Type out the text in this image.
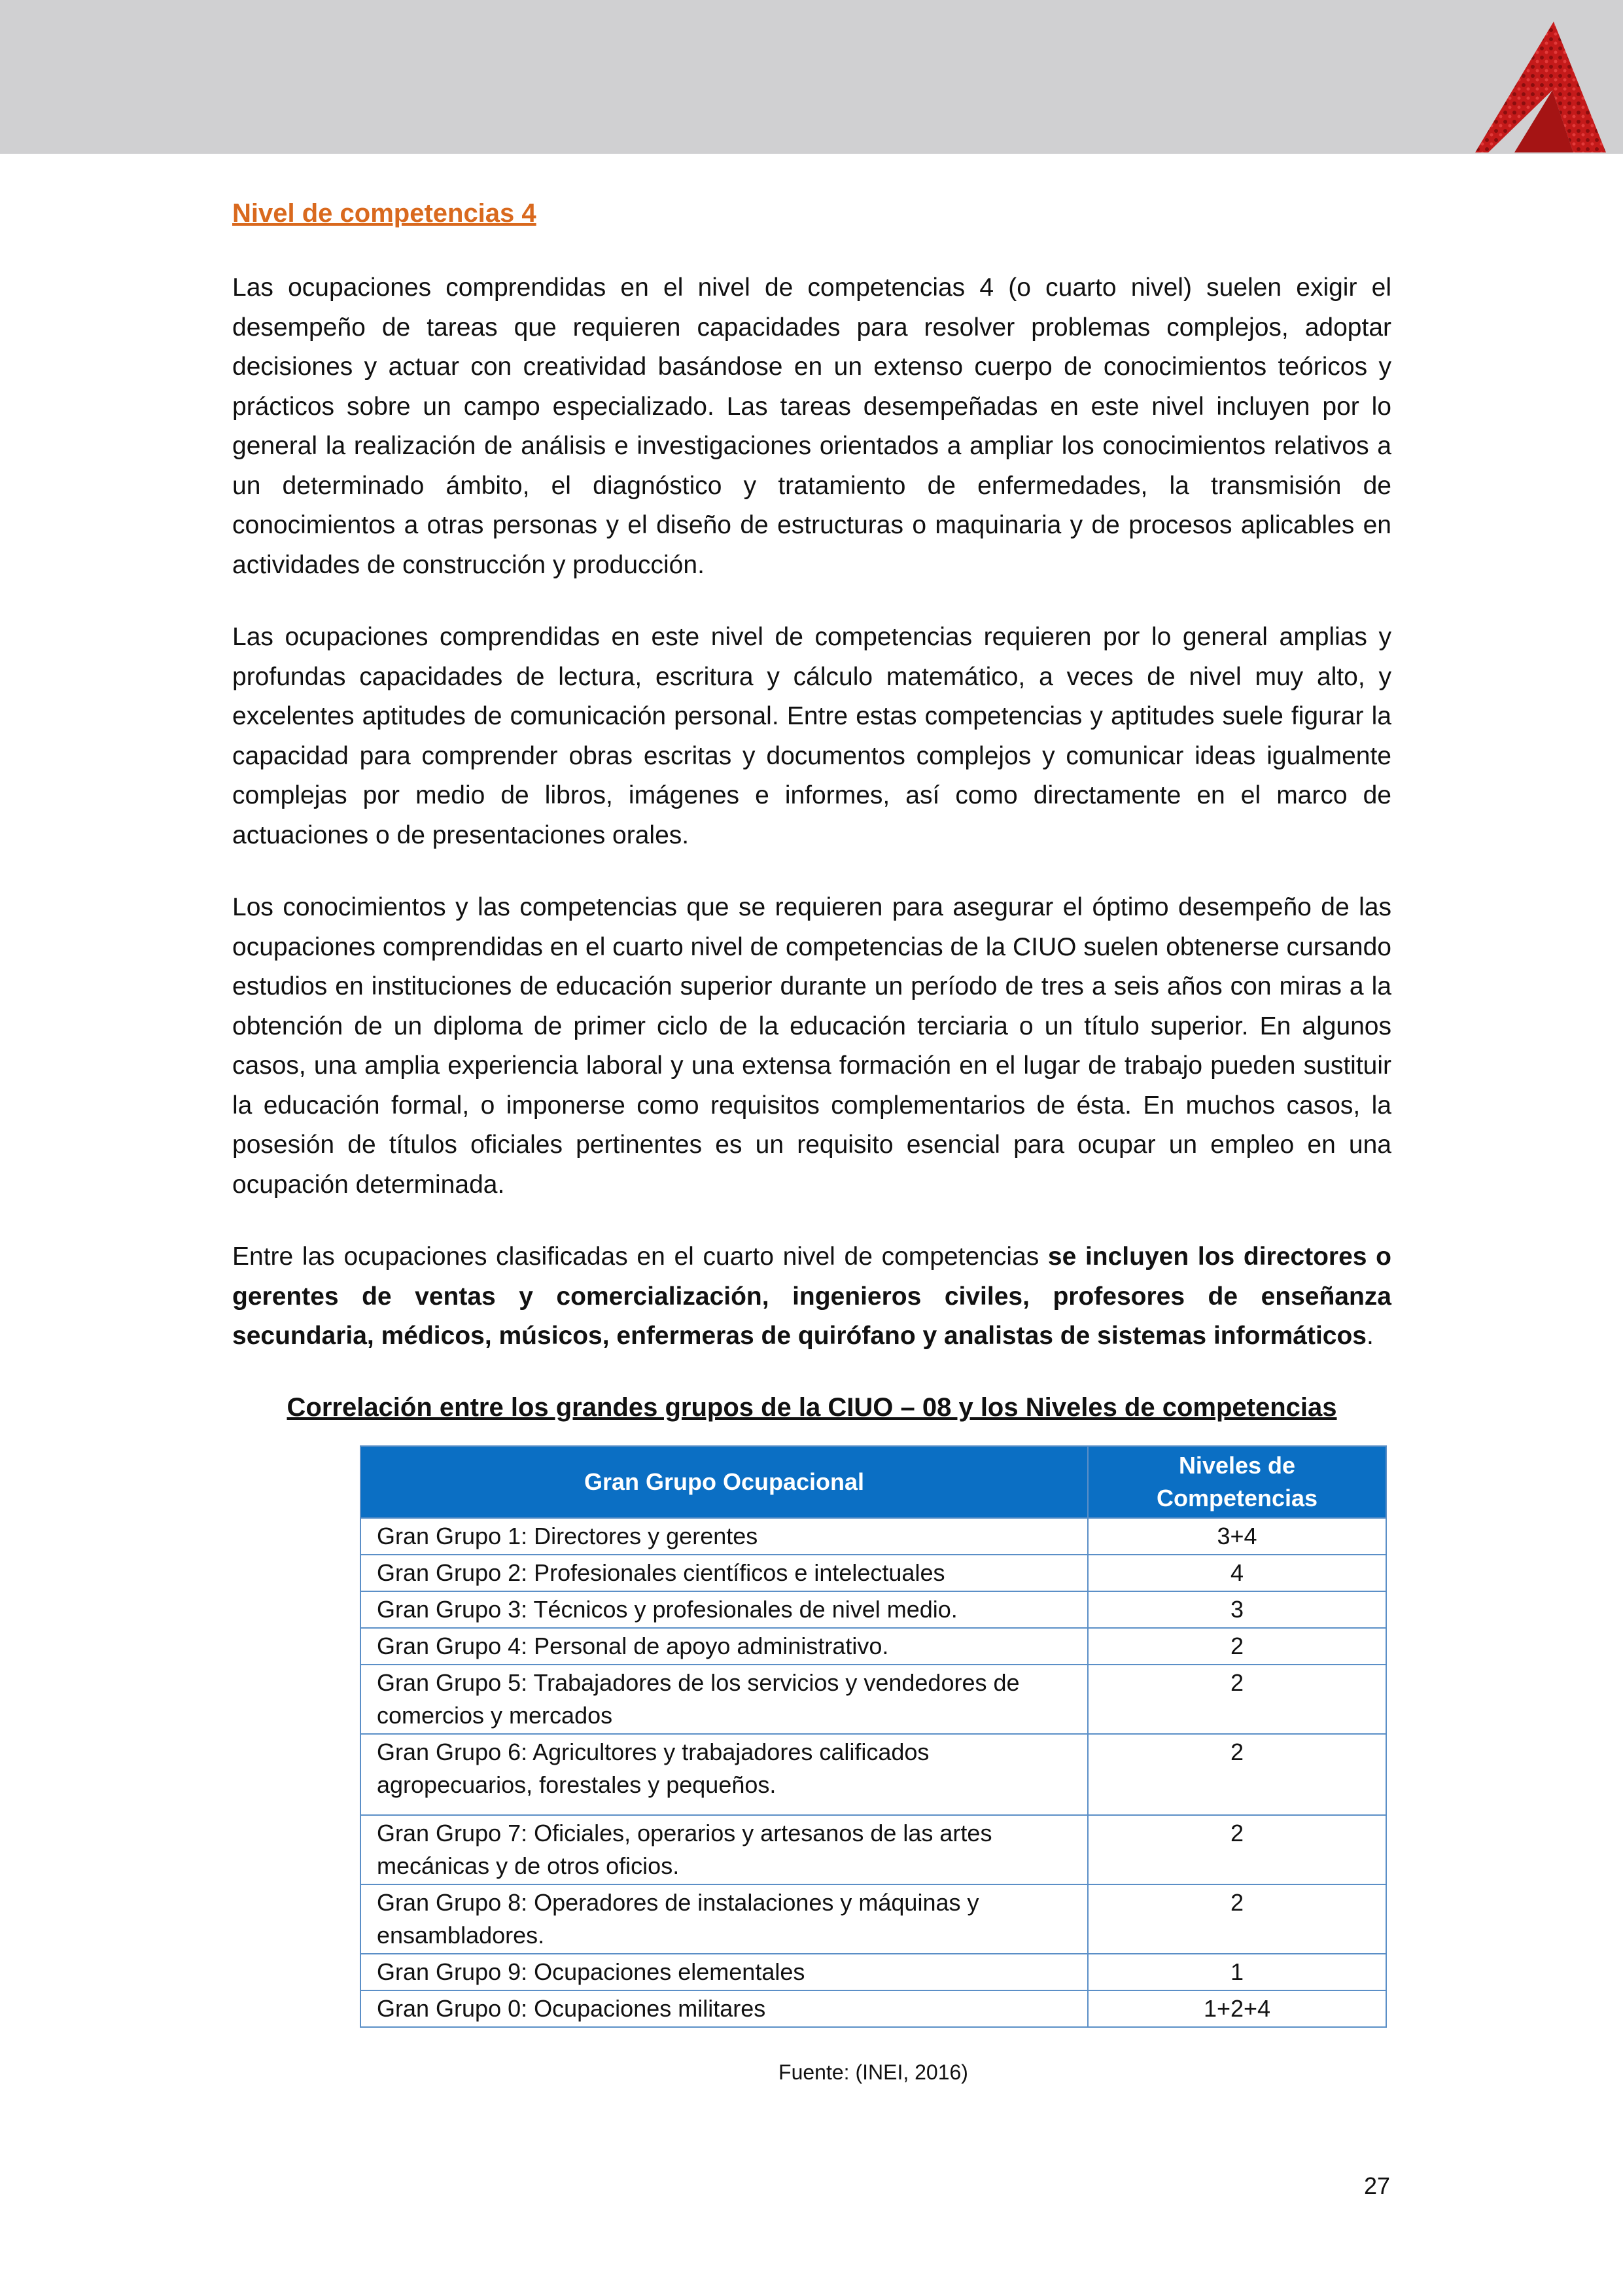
Nivel de competencias 4

Las ocupaciones comprendidas en el nivel de competencias 4 (o cuarto nivel) suelen exigir el desempeño de tareas que requieren capacidades para resolver problemas complejos, adoptar decisiones y actuar con creatividad basándose en un extenso cuerpo de conocimientos teóricos y prácticos sobre un campo especializado. Las tareas desempeñadas en este nivel incluyen por lo general la realización de análisis e investigaciones orientados a ampliar los conocimientos relativos a un determinado ámbito, el diagnóstico y tratamiento de enfermedades, la transmisión de conocimientos a otras personas y el diseño de estructuras o maquinaria y de procesos aplicables en actividades de construcción y producción.

Las ocupaciones comprendidas en este nivel de competencias requieren por lo general amplias y profundas capacidades de lectura, escritura y cálculo matemático, a veces de nivel muy alto, y excelentes aptitudes de comunicación personal. Entre estas competencias y aptitudes suele figurar la capacidad para comprender obras escritas y documentos complejos y comunicar ideas igualmente complejas por medio de libros, imágenes e informes, así como directamente en el marco de actuaciones o de presentaciones orales.

Los conocimientos y las competencias que se requieren para asegurar el óptimo desempeño de las ocupaciones comprendidas en el cuarto nivel de competencias de la CIUO suelen obtenerse cursando estudios en instituciones de educación superior durante un período de tres a seis años con miras a la obtención de un diploma de primer ciclo de la educación terciaria o un título superior. En algunos casos, una amplia experiencia laboral y una extensa formación en el lugar de trabajo pueden sustituir la educación formal, o imponerse como requisitos complementarios de ésta. En muchos casos, la posesión de títulos oficiales pertinentes es un requisito esencial para ocupar un empleo en una ocupación determinada.

Entre las ocupaciones clasificadas en el cuarto nivel de competencias se incluyen los directores o gerentes de ventas y comercialización, ingenieros civiles, profesores de enseñanza secundaria, médicos, músicos, enfermeras de quirófano y analistas de sistemas informáticos.

Correlación entre los grandes grupos de la CIUO – 08 y los Niveles de competencias
Gran Grupo Ocupacional	Niveles de Competencias
Gran Grupo 1: Directores y gerentes	3+4
Gran Grupo 2: Profesionales científicos e intelectuales	4
Gran Grupo 3: Técnicos y profesionales de nivel medio.	3
Gran Grupo 4: Personal de apoyo administrativo.	2
Gran Grupo 5: Trabajadores de los servicios y vendedores de comercios y mercados	2
Gran Grupo 6: Agricultores y trabajadores calificados agropecuarios, forestales y pequeños.	2
Gran Grupo 7: Oficiales, operarios y artesanos de las artes mecánicas y de otros oficios.	2
Gran Grupo 8: Operadores de instalaciones y máquinas y ensambladores.	2
Gran Grupo 9: Ocupaciones elementales	1
Gran Grupo 0: Ocupaciones militares	1+2+4
Fuente: (INEI, 2016)
27
